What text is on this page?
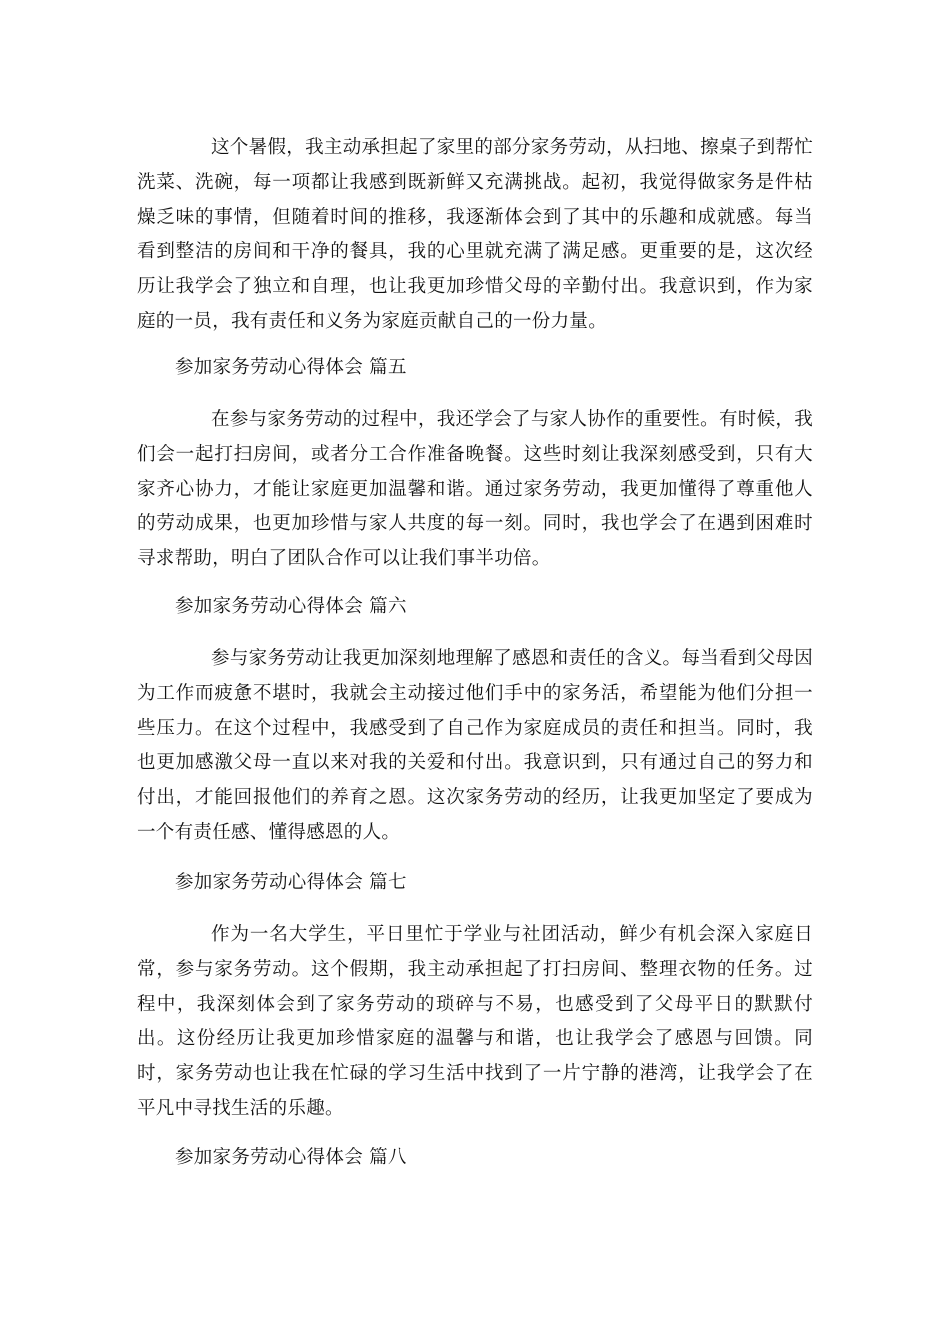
这个暑假，我主动承担起了家里的部分家务劳动，从扫地、擦桌子到帮忙洗菜、洗碗，每一项都让我感到既新鲜又充满挑战。起初，我觉得做家务是件枯燥乏味的事情，但随着时间的推移，我逐渐体会到了其中的乐趣和成就感。每当看到整洁的房间和干净的餐具，我的心里就充满了满足感。更重要的是，这次经历让我学会了独立和自理，也让我更加珍惜父母的辛勤付出。我意识到，作为家庭的一员，我有责任和义务为家庭贡献自己的一份力量。

参加家务劳动心得体会 篇五

在参与家务劳动的过程中，我还学会了与家人协作的重要性。有时候，我们会一起打扫房间，或者分工合作准备晚餐。这些时刻让我深刻感受到，只有大家齐心协力，才能让家庭更加温馨和谐。通过家务劳动，我更加懂得了尊重他人的劳动成果，也更加珍惜与家人共度的每一刻。同时，我也学会了在遇到困难时寻求帮助，明白了团队合作可以让我们事半功倍。

参加家务劳动心得体会 篇六

参与家务劳动让我更加深刻地理解了感恩和责任的含义。每当看到父母因为工作而疲惫不堪时，我就会主动接过他们手中的家务活，希望能为他们分担一些压力。在这个过程中，我感受到了自己作为家庭成员的责任和担当。同时，我也更加感激父母一直以来对我的关爱和付出。我意识到，只有通过自己的努力和付出，才能回报他们的养育之恩。这次家务劳动的经历，让我更加坚定了要成为一个有责任感、懂得感恩的人。

参加家务劳动心得体会 篇七

作为一名大学生，平日里忙于学业与社团活动，鲜少有机会深入家庭日常，参与家务劳动。这个假期，我主动承担起了打扫房间、整理衣物的任务。过程中，我深刻体会到了家务劳动的琐碎与不易，也感受到了父母平日的默默付出。这份经历让我更加珍惜家庭的温馨与和谐，也让我学会了感恩与回馈。同时，家务劳动也让我在忙碌的学习生活中找到了一片宁静的港湾，让我学会了在平凡中寻找生活的乐趣。

参加家务劳动心得体会 篇八
